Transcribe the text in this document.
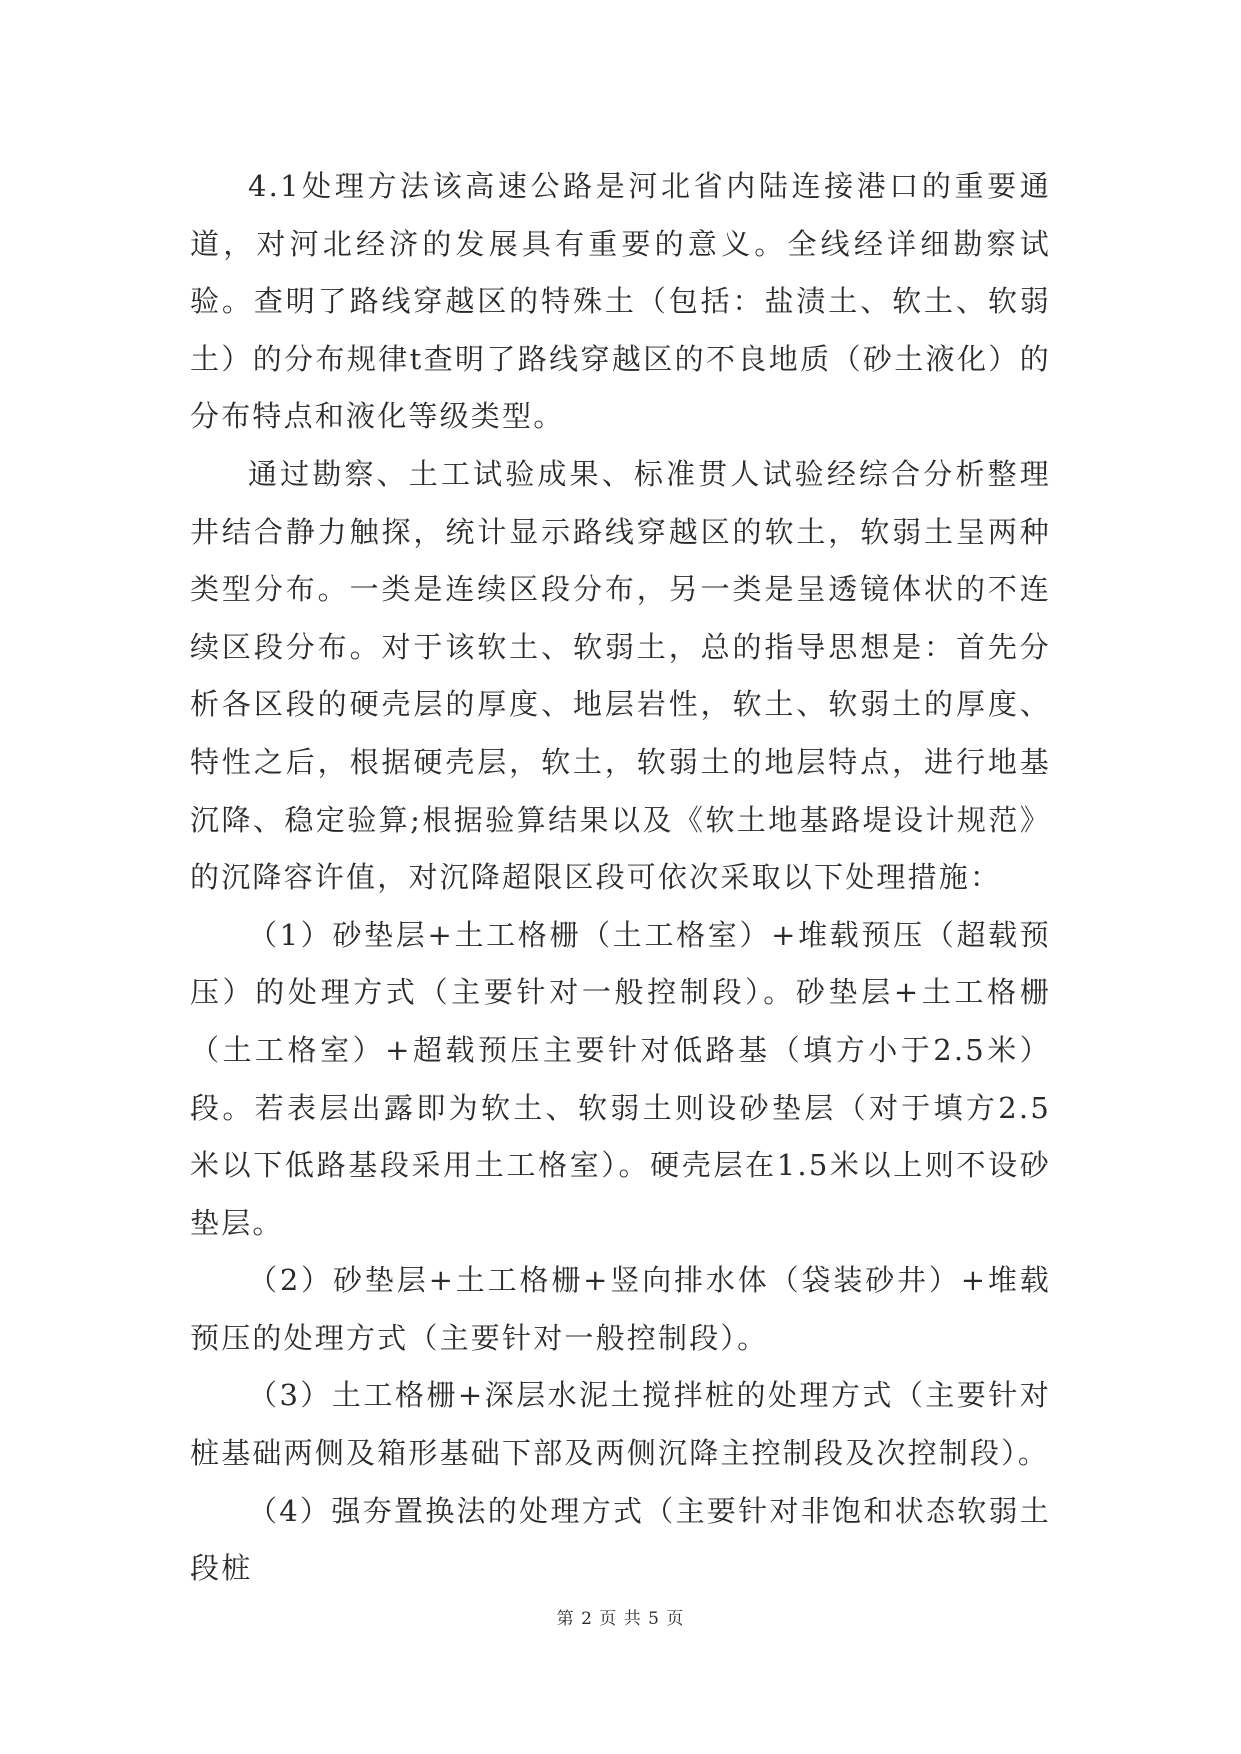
4.1处理方法该高速公路是河北省内陆连接港口的重要通道，对河北经济的发展具有重要的意义。全线经详细勘察试验。查明了路线穿越区的特殊土（包括：盐渍土、软土、软弱土）的分布规律t查明了路线穿越区的不良地质（砂土液化）的分布特点和液化等级类型。

通过勘察、土工试验成果、标准贯人试验经综合分析整理井结合静力触探，统计显示路线穿越区的软土，软弱土呈两种类型分布。一类是连续区段分布，另一类是呈透镜体状的不连续区段分布。对于该软土、软弱土，总的指导思想是：首先分析各区段的硬壳层的厚度、地层岩性，软土、软弱土的厚度、特性之后，根据硬壳层，软土，软弱土的地层特点，进行地基沉降、稳定验算;根据验算结果以及《软土地基路堤设计规范》的沉降容许值，对沉降超限区段可依次采取以下处理措施：

（1）砂垫层+土工格栅（土工格室）+堆载预压（超载预压）的处理方式（主要针对一般控制段）。砂垫层+土工格栅（土工格室）+超载预压主要针对低路基（填方小于2.5米）段。若表层出露即为软土、软弱土则设砂垫层（对于填方2.5米以下低路基段采用土工格室）。硬壳层在1.5米以上则不设砂垫层。

（2）砂垫层+土工格栅+竖向排水体（袋装砂井）+堆载预压的处理方式（主要针对一般控制段）。

（3）土工格栅+深层水泥土搅拌桩的处理方式（主要针对桩基础两侧及箱形基础下部及两侧沉降主控制段及次控制段）。

（4）强夯置换法的处理方式（主要针对非饱和状态软弱土段桩

第 2 页 共 5 页
